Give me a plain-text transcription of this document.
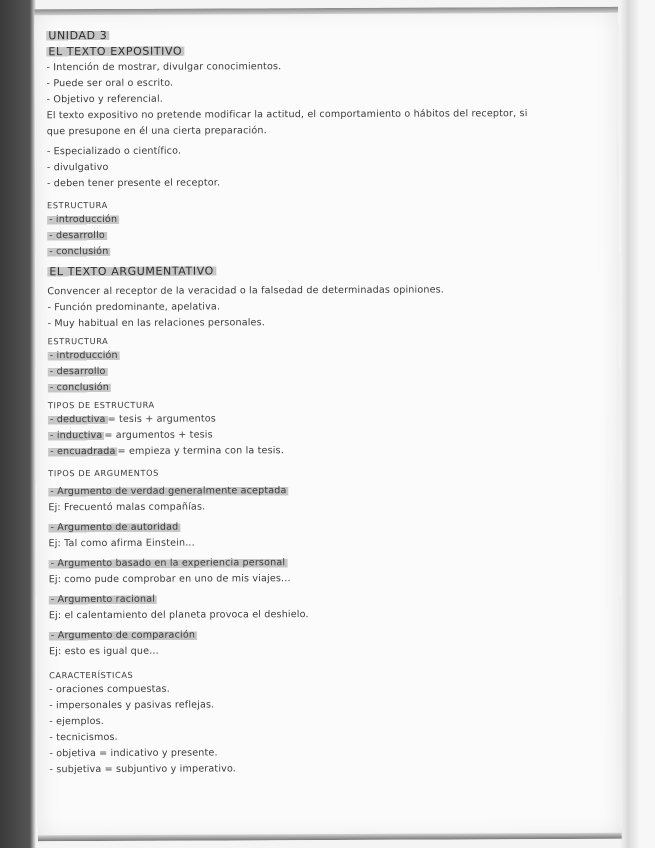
UNIDAD 3
EL TEXTO EXPOSITIVO
- Intención de mostrar, divulgar conocimientos.
- Puede ser oral o escrito.
- Objetivo y referencial.
El texto expositivo no pretende modificar la actitud, el comportamiento o hábitos del receptor, si
que presupone en él una cierta preparación.
- Especializado o científico.
- divulgativo
- deben tener presente el receptor.
ESTRUCTURA
- introducción
- desarrollo
- conclusión
EL TEXTO ARGUMENTATIVO
Convencer al receptor de la veracidad o la falsedad de determinadas opiniones.
- Función predominante, apelativa.
- Muy habitual en las relaciones personales.
ESTRUCTURA
- introducción
- desarrollo
- conclusión
TIPOS DE ESTRUCTURA
- deductiva = tesis + argumentos
- inductiva = argumentos + tesis
- encuadrada = empieza y termina con la tesis.
TIPOS DE ARGUMENTOS
- Argumento de verdad generalmente aceptada
Ej: Frecuentó malas compañías.
- Argumento de autoridad
Ej: Tal como afirma Einstein...
- Argumento basado en la experiencia personal
Ej: como pude comprobar en uno de mis viajes...
- Argumento racional
Ej: el calentamiento del planeta provoca el deshielo.
- Argumento de comparación
Ej: esto es igual que...
CARACTERÍSTICAS
- oraciones compuestas.
- impersonales y pasivas reflejas.
- ejemplos.
- tecnicismos.
- objetiva = indicativo y presente.
- subjetiva = subjuntivo y imperativo.
